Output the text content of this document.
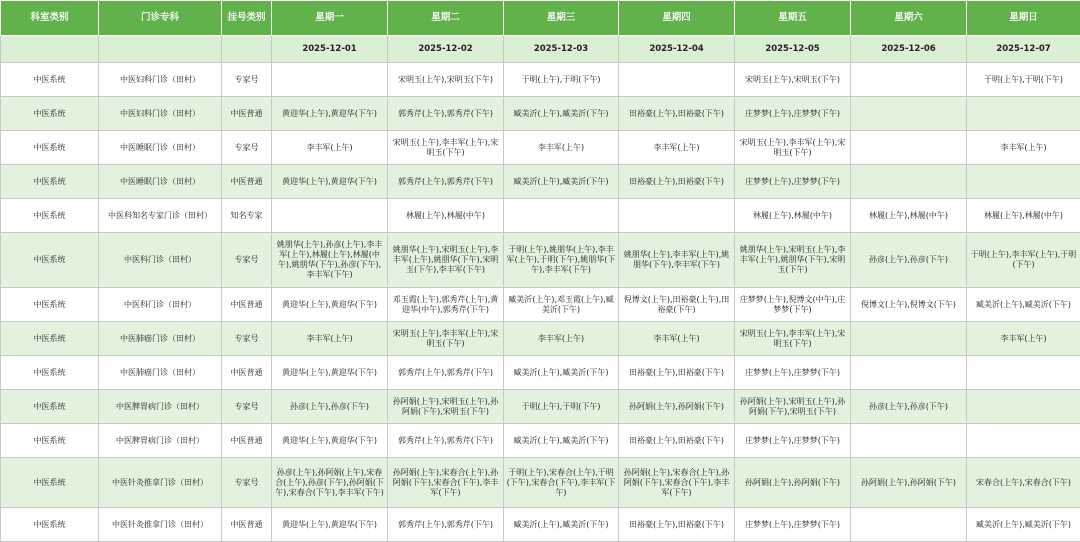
科室类别	门诊专科	挂号类别	星期一	星期二	星期三	星期四	星期五	星期六	星期日
			2025-12-01	2025-12-02	2025-12-03	2025-12-04	2025-12-05	2025-12-06	2025-12-07
中医系统	中医妇科门诊（田村）	专家号		宋明玉(上午),宋明玉(下午)	于明(上午),于明(下午)		宋明玉(上午),宋明玉(下午)		于明(上午),于明(下午)
中医系统	中医妇科门诊（田村）	中医普通	黄迎华(上午),黄迎华(下午)	郭秀芹(上午),郭秀芹(下午)	臧美沂(上午),臧美沂(下午)	田裕豪(上午),田裕豪(下午)	庄梦梦(上午),庄梦梦(下午)		
中医系统	中医睡眠门诊（田村）	专家号	李丰军(上午)	宋明玉(上午),李丰军(上午),宋明玉(下午)	李丰军(上午)	李丰军(上午)	宋明玉(上午),李丰军(上午),宋明玉(下午)		李丰军(上午)
中医系统	中医睡眠门诊（田村）	中医普通	黄迎华(上午),黄迎华(下午)	郭秀芹(上午),郭秀芹(下午)	臧美沂(上午),臧美沂(下午)	田裕豪(上午),田裕豪(下午)	庄梦梦(上午),庄梦梦(下午)		
中医系统	中医科知名专家门诊（田村）	知名专家		林履(上午),林履(中午)			林履(上午),林履(中午)	林履(上午),林履(中午)	林履(上午),林履(中午)
中医系统	中医科门诊（田村）	专家号	姚朋华(上午),孙彦(上午),李丰军(上午),林履(上午),林履(中午),姚朋华(下午),孙彦(下午),李丰军(下午)	姚朋华(上午),宋明玉(上午),李丰军(上午),姚朋华(下午),宋明玉(下午),李丰军(下午)	于明(上午),姚朋华(上午),李丰军(上午),于明(下午),姚朋华(下午),李丰军(下午)	姚朋华(上午),李丰军(上午),姚朋华(下午),李丰军(下午)	姚朋华(上午),宋明玉(上午),李丰军(上午),姚朋华(下午),宋明玉(下午)	孙彦(上午),孙彦(下午)	于明(上午),李丰军(上午),于明(下午)
中医系统	中医科门诊（田村）	中医普通	黄迎华(上午),黄迎华(下午)	邓玉霞(上午),郭秀芹(上午),黄迎华(中午),郭秀芹(下午)	臧美沂(上午),邓玉霞(上午),臧美沂(下午)	倪博文(上午),田裕豪(上午),田裕豪(下午)	庄梦梦(上午),倪博文(中午),庄梦梦(下午)	倪博文(上午),倪博文(下午)	臧美沂(上午),臧美沂(下午)
中医系统	中医肺癌门诊（田村）	专家号	李丰军(上午)	宋明玉(上午),李丰军(上午),宋明玉(下午)	李丰军(上午)	李丰军(上午)	宋明玉(上午),李丰军(上午),宋明玉(下午)		李丰军(上午)
中医系统	中医肺癌门诊（田村）	中医普通	黄迎华(上午),黄迎华(下午)	郭秀芹(上午),郭秀芹(下午)	臧美沂(上午),臧美沂(下午)	田裕豪(上午),田裕豪(下午)	庄梦梦(上午),庄梦梦(下午)		
中医系统	中医脾胃病门诊（田村）	专家号	孙彦(上午),孙彦(下午)	孙阿娟(上午),宋明玉(上午),孙阿娟(下午),宋明玉(下午)	于明(上午),于明(下午)	孙阿娟(上午),孙阿娟(下午)	孙阿娟(上午),宋明玉(上午),孙阿娟(下午),宋明玉(下午)	孙彦(上午),孙彦(下午)	
中医系统	中医脾胃病门诊（田村）	中医普通	黄迎华(上午),黄迎华(下午)	郭秀芹(上午),郭秀芹(下午)	臧美沂(上午),臧美沂(下午)	田裕豪(上午),田裕豪(下午)	庄梦梦(上午),庄梦梦(下午)		
中医系统	中医针灸推拿门诊（田村）	专家号	孙彦(上午),孙阿娟(上午),宋春合(上午),孙彦(下午),孙阿娟(下午),宋春合(下午),李丰军(下午)	孙阿娟(上午),宋春合(上午),孙阿娟(下午),宋春合(下午),李丰军(下午)	于明(上午),宋春合(上午),于明(下午),宋春合(下午),李丰军(下午)	孙阿娟(上午),宋春合(上午),孙阿娟(下午),宋春合(下午),李丰军(下午)	孙阿娟(上午),孙阿娟(下午)	孙阿娟(上午),孙阿娟(下午)	宋春合(上午),宋春合(下午)
中医系统	中医针灸推拿门诊（田村）	中医普通	黄迎华(上午),黄迎华(下午)	郭秀芹(上午),郭秀芹(下午)	臧美沂(上午),臧美沂(下午)	田裕豪(上午),田裕豪(下午)	庄梦梦(上午),庄梦梦(下午)		臧美沂(上午),臧美沂(下午)
